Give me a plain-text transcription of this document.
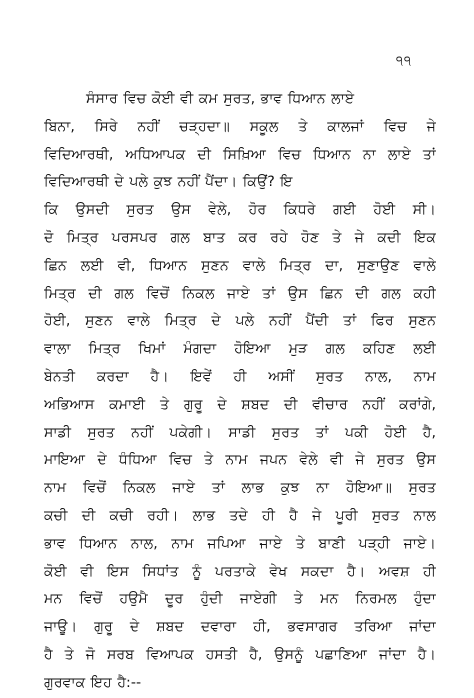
੧੧
ਸੰਸਾਰ ਵਿਚ ਕੋਈ ਵੀ ਕਮ ਸੁਰਤ, ਭਾਵ ਧਿਆਨ ਲਾਏ
ਬਿਨਾ, ਸਿਰੇ ਨਹੀਂ ਚੜ੍ਹਦਾ॥ ਸਕੂਲ ਤੇ ਕਾਲਜਾਂ ਵਿਚ ਜੇ
ਵਿਦਿਆਰਥੀ, ਅਧਿਆਪਕ ਦੀ ਸਿਖ਼ਿਆ ਵਿਚ ਧਿਆਨ ਨਾ ਲਾਏ ਤਾਂ
ਵਿਦਿਆਰਥੀ ਦੇ ਪਲੇ ਕੁਝ ਨਹੀਂ ਪੈਂਦਾ। ਕਿਉਂ? ਇ
ਕਿ ਉਸਦੀ ਸੁਰਤ ਉਸ ਵੇਲੇ, ਹੋਰ ਕਿਧਰੇ ਗਈ ਹੋਈ ਸੀ।
ਦੋ ਮਿਤ੍ਰ ਪਰਸਪਰ ਗਲ ਬਾਤ ਕਰ ਰਹੇ ਹੋਣ ਤੇ ਜੇ ਕਦੀ ਇਕ
ਛਿਨ ਲਈ ਵੀ, ਧਿਆਨ ਸੁਣਨ ਵਾਲੇ ਮਿਤ੍ਰ ਦਾ, ਸੁਣਾਉਣ ਵਾਲੇ
ਮਿਤ੍ਰ ਦੀ ਗਲ ਵਿਚੋਂ ਨਿਕਲ ਜਾਏ ਤਾਂ ਉਸ ਛਿਨ ਦੀ ਗਲ ਕਹੀ
ਹੋਈ, ਸੁਣਨ ਵਾਲੇ ਮਿਤ੍ਰ ਦੇ ਪਲੇ ਨਹੀਂ ਪੈਂਦੀ ਤਾਂ ਫਿਰ ਸੁਣਨ
ਵਾਲਾ ਮਿਤ੍ਰ ਖਿਮਾਂ ਮੰਗਦਾ ਹੋਇਆ ਮੁੜ ਗਲ ਕਹਿਣ ਲਈ
ਬੇਨਤੀ ਕਰਦਾ ਹੈ। ਇਵੇਂ ਹੀ ਅਸੀਂ ਸੁਰਤ ਨਾਲ, ਨਾਮ
ਅਭਿਆਸ ਕਮਾਈ ਤੇ ਗੁਰੂ ਦੇ ਸ਼ਬਦ ਦੀ ਵੀਚਾਰ ਨਹੀਂ ਕਰਾਂਗੇ,
ਸਾਡੀ ਸੁਰਤ ਨਹੀਂ ਪਕੇਗੀ। ਸਾਡੀ ਸੁਰਤ ਤਾਂ ਪਕੀ ਹੋਈ ਹੈ,
ਮਾਇਆ ਦੇ ਧੰਧਿਆ ਵਿਚ ਤੇ ਨਾਮ ਜਪਨ ਵੇਲੇ ਵੀ ਜੇ ਸੁਰਤ ਉਸ
ਨਾਮ ਵਿਚੋਂ ਨਿਕਲ ਜਾਏ ਤਾਂ ਲਾਭ ਕੁਝ ਨਾ ਹੋਇਆ॥ ਸੁਰਤ
ਕਚੀ ਦੀ ਕਚੀ ਰਹੀ। ਲਾਭ ਤਦੇ ਹੀ ਹੈ ਜੇ ਪੂਰੀ ਸੁਰਤ ਨਾਲ
ਭਾਵ ਧਿਆਨ ਨਾਲ, ਨਾਮ ਜਪਿਆ ਜਾਏ ਤੇ ਬਾਣੀ ਪੜ੍ਹੀ ਜਾਏ।
ਕੋਈ ਵੀ ਇਸ ਸਿਧਾਂਤ ਨੂੰ ਪਰਤਾਕੇ ਵੇਖ ਸਕਦਾ ਹੈ। ਅਵਸ਼ ਹੀ
ਮਨ ਵਿਚੋਂ ਹਉਮੈ ਦੂਰ ਹੁੰਦੀ ਜਾਏਗੀ ਤੇ ਮਨ ਨਿਰਮਲ ਹੁੰਦਾ
ਜਾਊ। ਗੁਰੂ ਦੇ ਸ਼ਬਦ ਦਵਾਰਾ ਹੀ, ਭਵਸਾਗਰ ਤਰਿਆ ਜਾਂਦਾ
ਹੈ ਤੇ ਜੋ ਸਰਬ ਵਿਆਪਕ ਹਸਤੀ ਹੈ, ਉਸਨੂੰ ਪਛਾਣਿਆ ਜਾਂਦਾ ਹੈ।
ਗੁਰਵਾਕ ਇਹ ਹੈ:--
